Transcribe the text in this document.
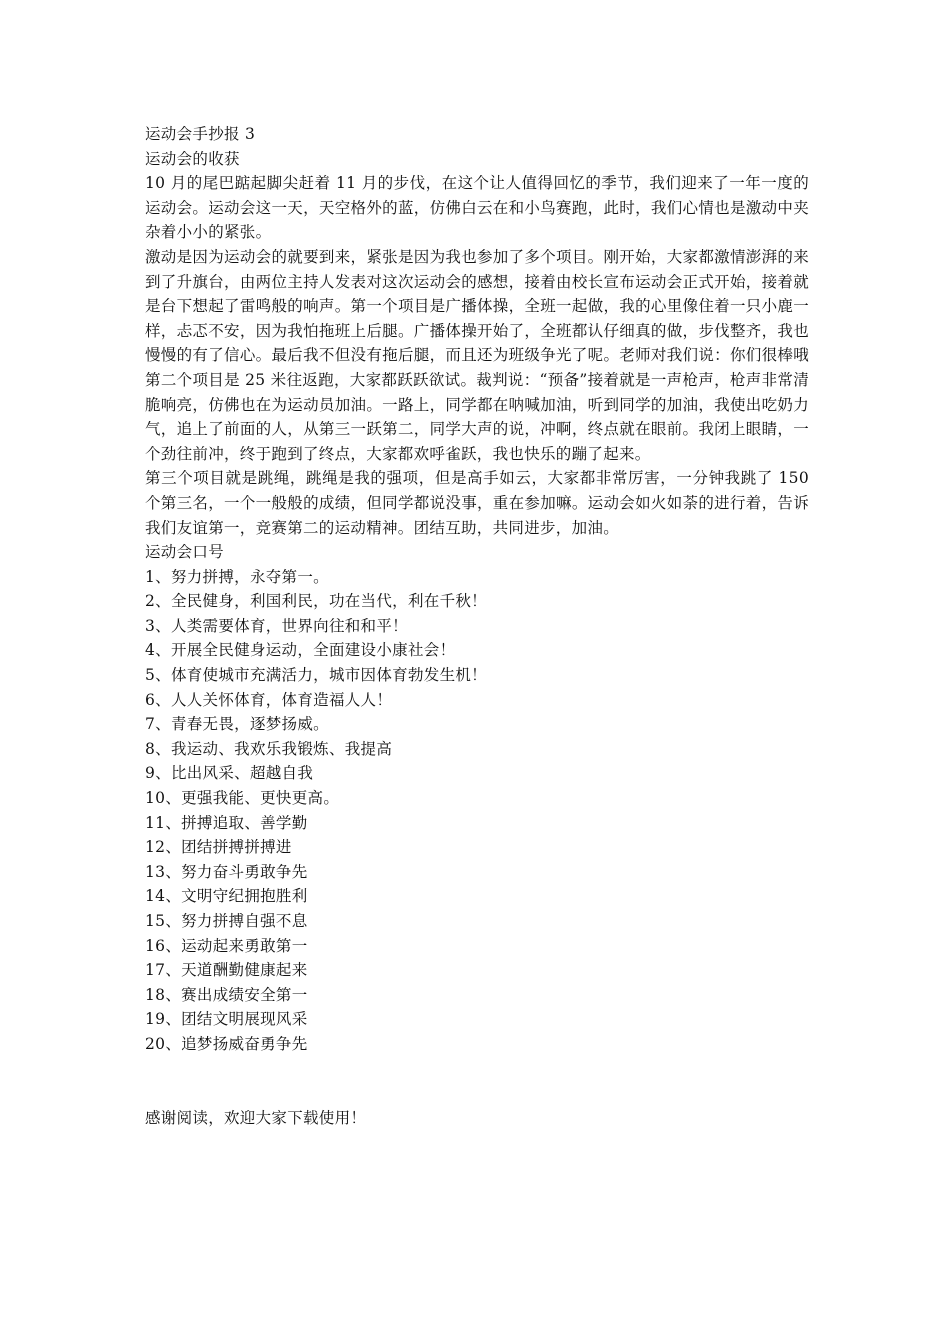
运动会手抄报 3
运动会的收获
10 月的尾巴踮起脚尖赶着 11 月的步伐，在这个让人值得回忆的季节，我们迎来了一年一度的运动会。运动会这一天，天空格外的蓝，仿佛白云在和小鸟赛跑，此时，我们心情也是激动中夹杂着小小的紧张。
激动是因为运动会的就要到来，紧张是因为我也参加了多个项目。刚开始，大家都激情澎湃的来到了升旗台，由两位主持人发表对这次运动会的感想，接着由校长宣布运动会正式开始，接着就是台下想起了雷鸣般的响声。第一个项目是广播体操，全班一起做，我的心里像住着一只小鹿一样，忐忑不安，因为我怕拖班上后腿。广播体操开始了，全班都认仔细真的做，步伐整齐，我也慢慢的有了信心。最后我不但没有拖后腿，而且还为班级争光了呢。老师对我们说：你们很棒哦第二个项目是 25 米往返跑，大家都跃跃欲试。裁判说：“预备”接着就是一声枪声，枪声非常清脆响亮，仿佛也在为运动员加油。一路上，同学都在呐喊加油，听到同学的加油，我使出吃奶力气，追上了前面的人，从第三一跃第二，同学大声的说，冲啊，终点就在眼前。我闭上眼睛，一个劲往前冲，终于跑到了终点，大家都欢呼雀跃，我也快乐的蹦了起来。
第三个项目就是跳绳，跳绳是我的强项，但是高手如云，大家都非常厉害，一分钟我跳了 150 个第三名，一个一般般的成绩，但同学都说没事，重在参加嘛。运动会如火如荼的进行着，告诉我们友谊第一，竞赛第二的运动精神。团结互助，共同进步，加油。
运动会口号
1、努力拼搏，永夺第一。
2、全民健身，利国利民，功在当代，利在千秋！
3、人类需要体育，世界向往和和平！
4、开展全民健身运动，全面建设小康社会！
5、体育使城市充满活力，城市因体育勃发生机！
6、人人关怀体育，体育造福人人！
7、青春无畏，逐梦扬威。
8、我运动、我欢乐我锻炼、我提高
9、比出风采、超越自我
10、更强我能、更快更高。
11、拼搏追取、善学勤
12、团结拼搏拼搏进
13、努力奋斗勇敢争先
14、文明守纪拥抱胜利
15、努力拼搏自强不息
16、运动起来勇敢第一
17、天道酬勤健康起来
18、赛出成绩安全第一
19、团结文明展现风采
20、追梦扬威奋勇争先
感谢阅读，欢迎大家下载使用！
